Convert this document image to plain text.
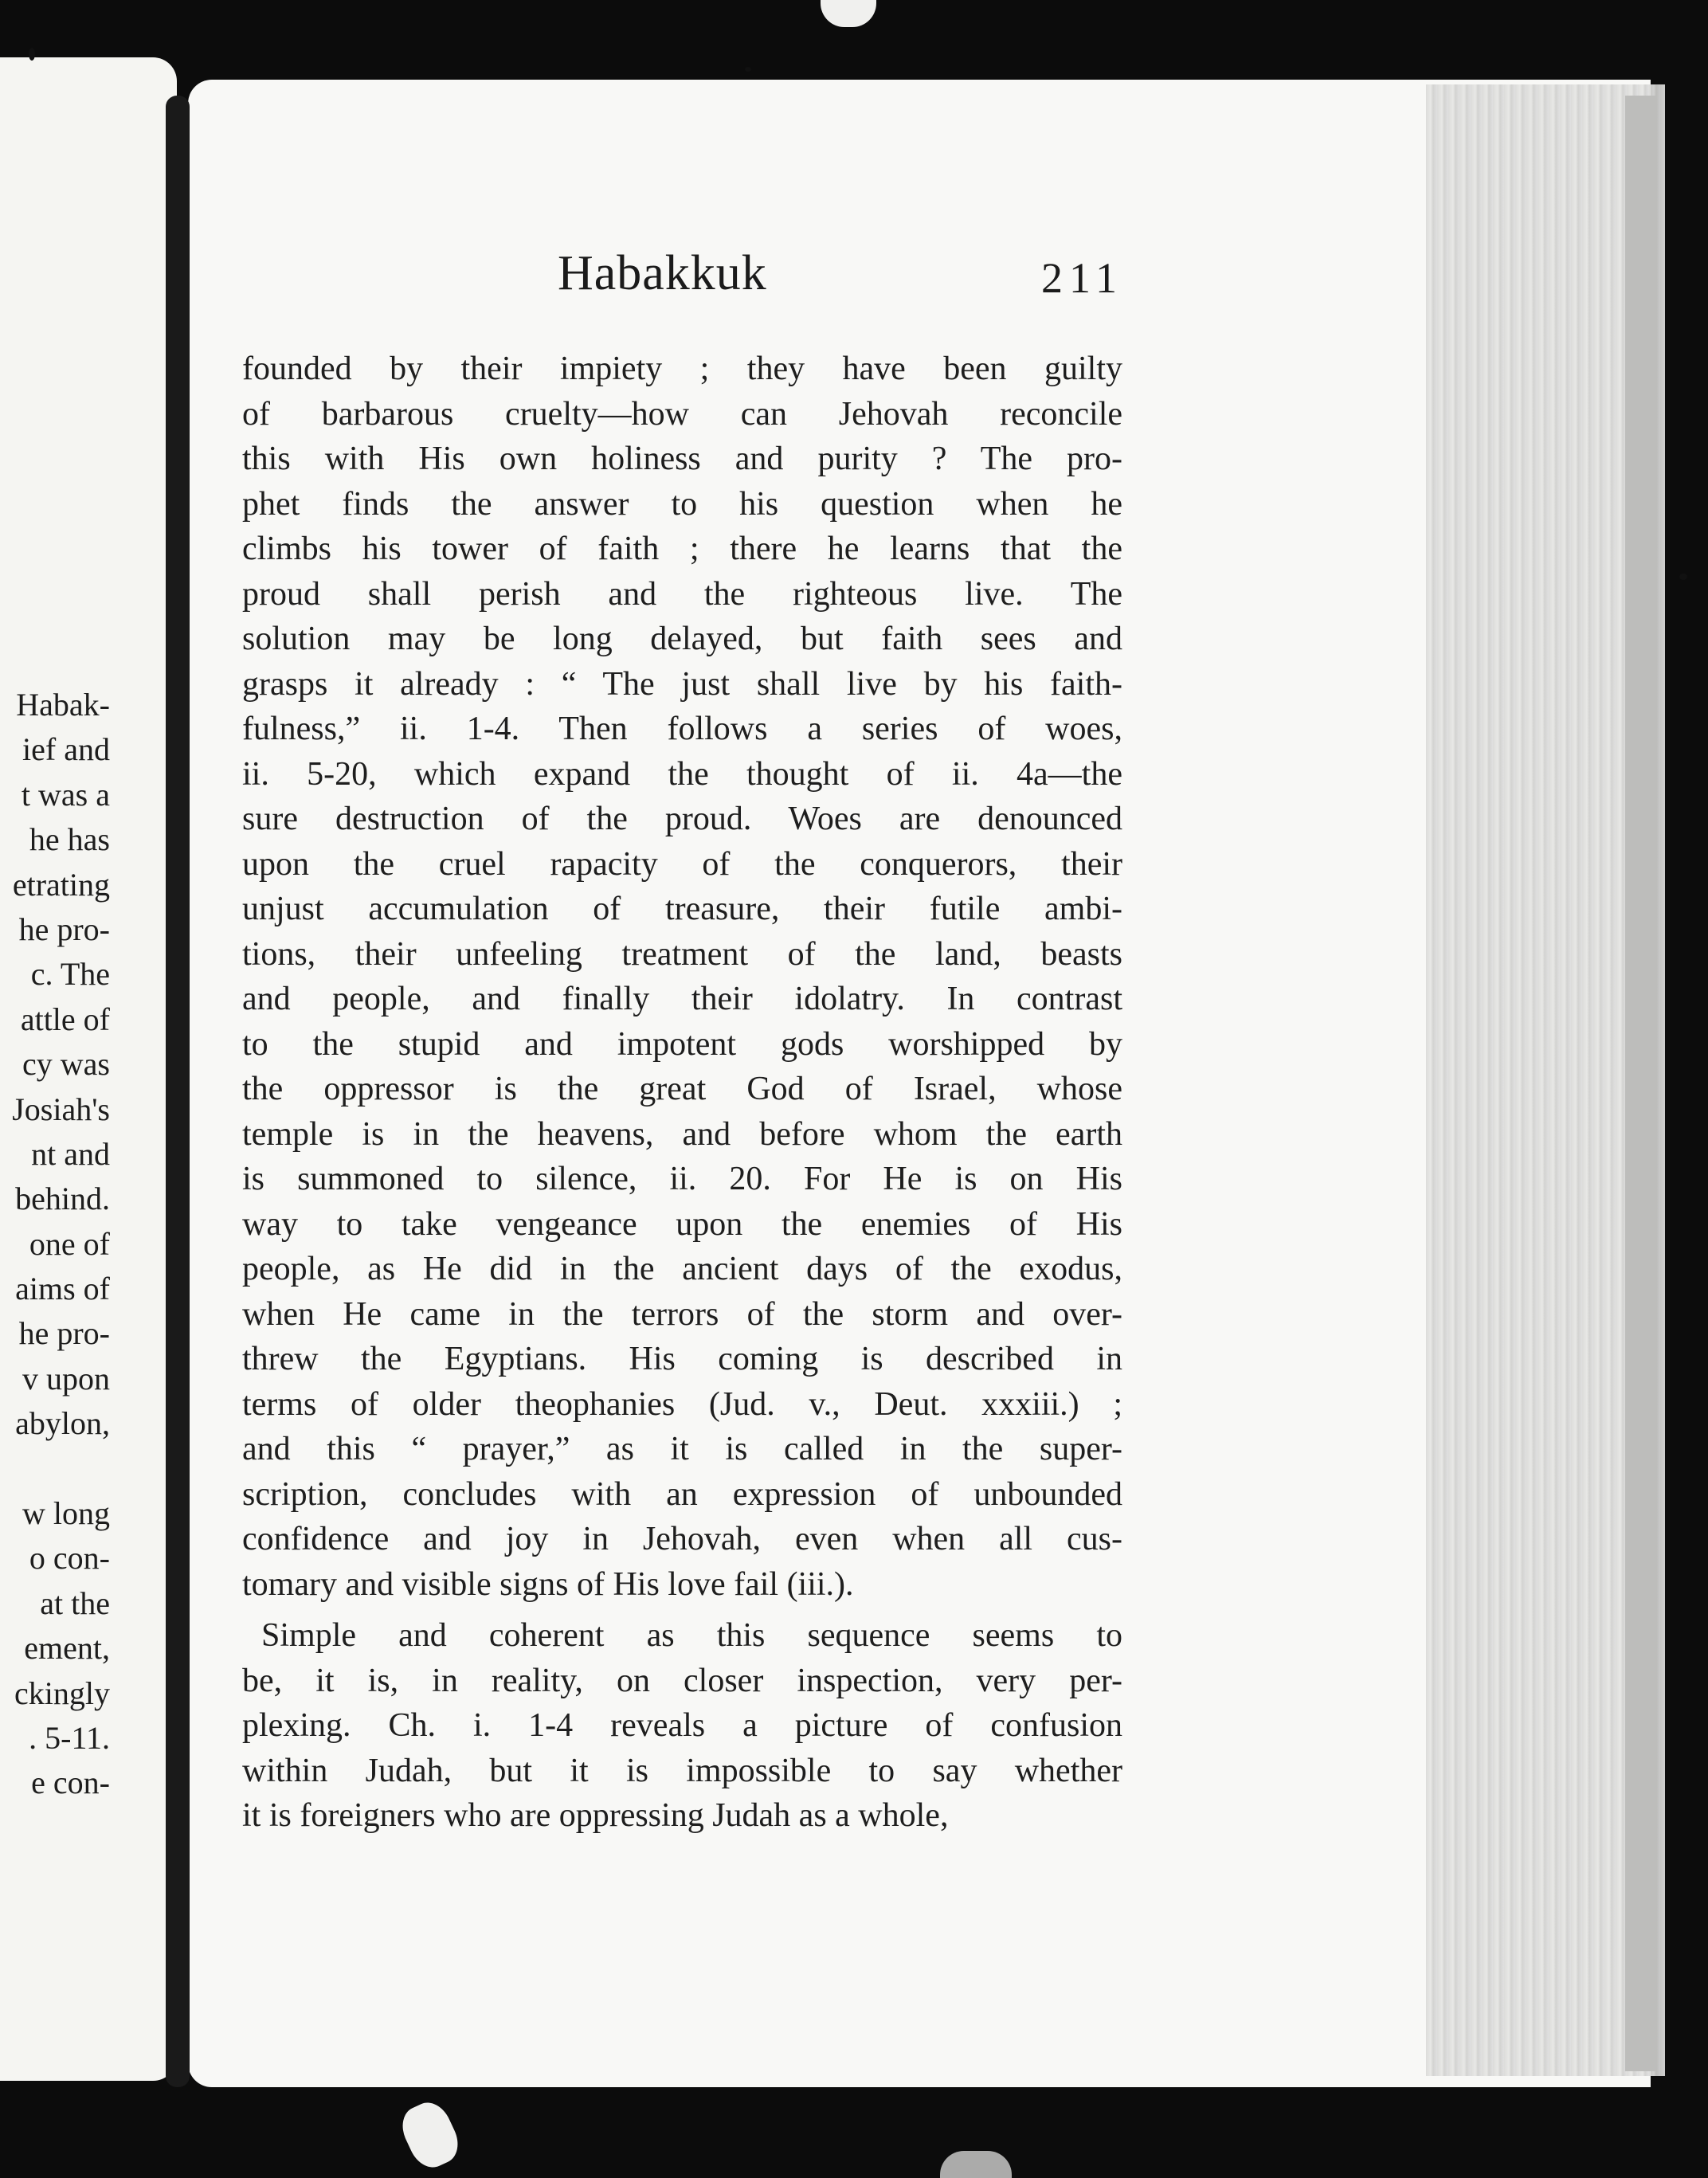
Habak-
ief and
t was a
he has
etrating
he pro-
c. The
attle of
cy was
Josiah's
nt and
behind.
one of
aims of
he pro-
v upon
abylon,
w long
o con-
at the
ement,
ckingly
. 5-11.
e con-
Habakkuk	211
founded by their impiety ; they have been guilty
of barbarous cruelty—how can Jehovah reconcile
this with His own holiness and purity ? The pro-
phet finds the answer to his question when he
climbs his tower of faith ; there he learns that the
proud shall perish and the righteous live. The
solution may be long delayed, but faith sees and
grasps it already : “ The just shall live by his faith-
fulness,” ii. 1-4. Then follows a series of woes,
ii. 5-20, which expand the thought of ii. 4a—the
sure destruction of the proud. Woes are denounced
upon the cruel rapacity of the conquerors, their
unjust accumulation of treasure, their futile ambi-
tions, their unfeeling treatment of the land, beasts
and people, and finally their idolatry. In contrast
to the stupid and impotent gods worshipped by
the oppressor is the great God of Israel, whose
temple is in the heavens, and before whom the earth
is summoned to silence, ii. 20. For He is on His
way to take vengeance upon the enemies of His
people, as He did in the ancient days of the exodus,
when He came in the terrors of the storm and over-
threw the Egyptians. His coming is described in
terms of older theophanies (Jud. v., Deut. xxxiii.) ;
and this “ prayer,” as it is called in the super-
scription, concludes with an expression of unbounded
confidence and joy in Jehovah, even when all cus-
tomary and visible signs of His love fail (iii.).
Simple and coherent as this sequence seems to
be, it is, in reality, on closer inspection, very per-
plexing. Ch. i. 1-4 reveals a picture of confusion
within Judah, but it is impossible to say whether
it is foreigners who are oppressing Judah as a whole,
